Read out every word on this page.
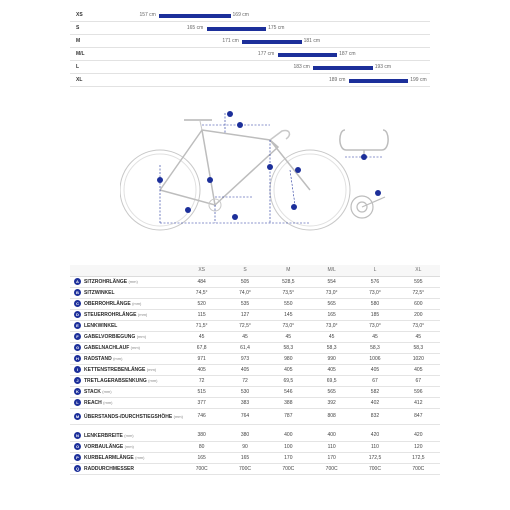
XS	157 cm	169 cm
S	165 cm	175 cm
M	171 cm	181 cm
M/L	177 cm	187 cm
L	183 cm	193 cm
XL	189 cm	199 cm
	XS	S	M	M/L	L	XL
A SITZROHRLÄNGE (mm)	484	505	528,5	554	576	595
B SITZWINKEL	74,5°	74,0°	73,5°	73,0°	73,0°	72,5°
C OBERROHRLÄNGE (mm)	520	535	550	565	580	600
D STEUERROHRLÄNGE (mm)	115	127	145	165	185	200
E LENKWINKEL	71,5°	72,5°	73,0°	73,0°	73,0°	73,0°
F GABELVORBIEGUNG (mm)	45	45	45	45	45	45
G GABELNACHLAUF (mm)	67,8	61,4	58,3	58,3	58,3	58,3
H RADSTAND (mm)	971	973	980	990	1006	1020
I KETTENSTREBENLÄNGE (mm)	405	405	405	405	405	405
J TRETLAGERABSENKUNG (mm)	72	72	69,5	69,5	67	67
K STACK (mm)	515	530	546	565	582	596
L REACH (mm)	377	383	388	392	402	412
M ÜBERSTANDS-/DURCHSTIEGSHÖHE (mm)	746	764	787	808	832	847

N LENKERBREITE (mm)	380	380	400	400	420	420
O VORBAULÄNGE (mm)	80	90	100	110	110	120
P KURBELARMLÄNGE (mm)	165	165	170	170	172,5	172,5
Q RADDURCHMESSER	700C	700C	700C	700C	700C	700C
